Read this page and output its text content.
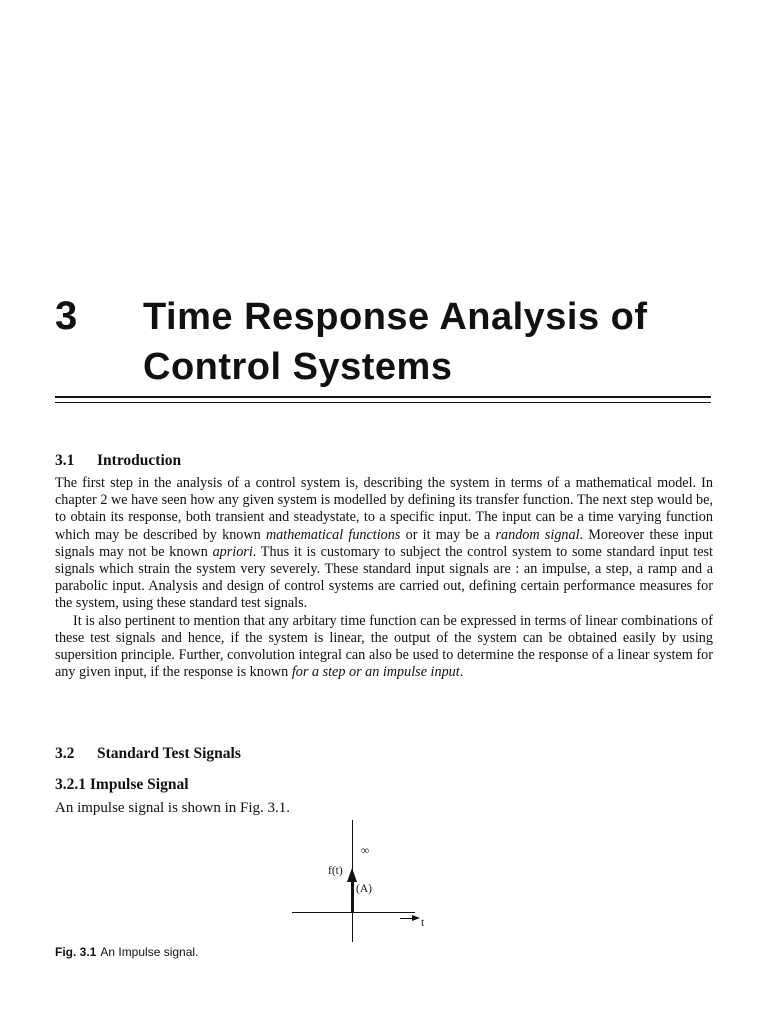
3 Time Response Analysis of Control Systems
3.1 Introduction

The first step in the analysis of a control system is, describing the system in terms of a mathematical model. In chapter 2 we have seen how any given system is modelled by defining its transfer function. The next step would be, to obtain its response, both transient and steadystate, to a specific input. The input can be a time varying function which may be described by known mathematical functions or it may be a random signal. Moreover these input signals may not be known apriori. Thus it is customary to subject the control system to some standard input test signals which strain the system very severely. These standard input signals are : an impulse, a step, a ramp and a parabolic input. Analysis and design of control systems are carried out, defining certain performance measures for the system, using these standard test signals.

It is also pertinent to mention that any arbitary time function can be expressed in terms of linear combinations of these test signals and hence, if the system is linear, the output of the system can be obtained easily by using supersition principle. Further, convolution integral can also be used to determine the response of a linear system for any given input, if the response is known for a step or an impulse input.

3.2 Standard Test Signals
3.2.1 Impulse Signal
An impulse signal is shown in Fig. 3.1.
∞
f(t)
(A)
t
Fig. 3.1 An Impulse signal.
